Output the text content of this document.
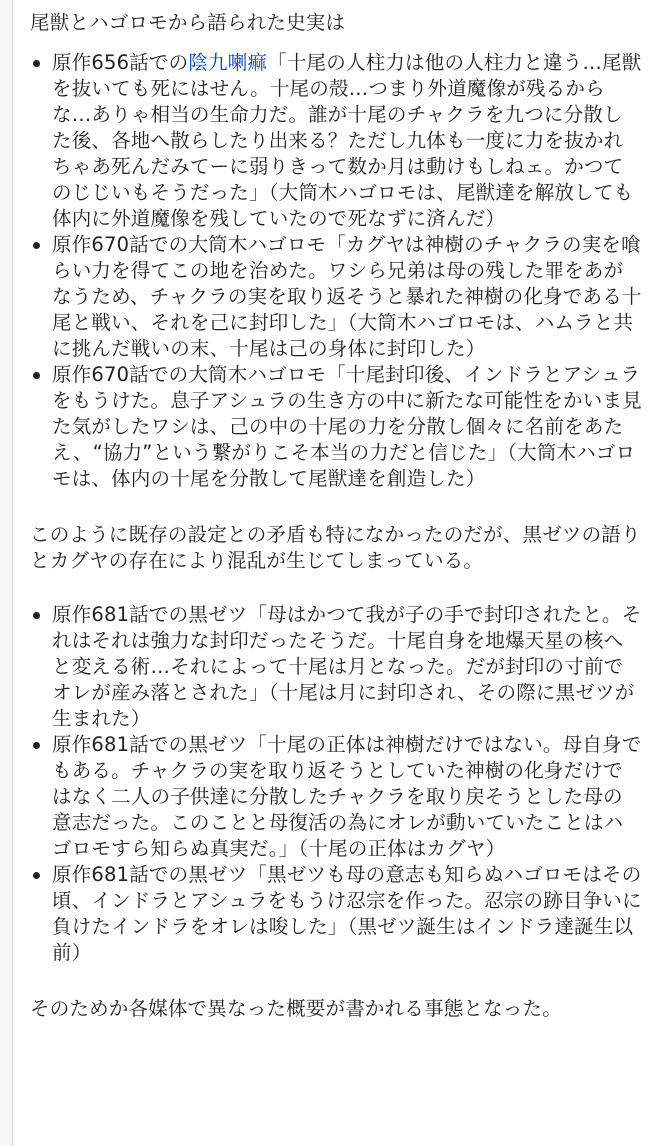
尾獣とハゴロモから語られた史実は

原作656話での陰九喇痲「十尾の人柱力は他の人柱力と違う…尾獣を抜いても死にはせん。十尾の殻…つまり外道魔像が残るからな…ありゃ相当の生命力だ。誰が十尾のチャクラを九つに分散した後、各地へ散らしたり出来る？ただし九体も一度に力を抜かれちゃあ死んだみてーに弱りきって数か月は動けもしねェ。かつてのじじいもそうだった」（大筒木ハゴロモは、尾獣達を解放しても体内に外道魔像を残していたので死なずに済んだ）
原作670話での大筒木ハゴロモ「カグヤは神樹のチャクラの実を喰らい力を得てこの地を治めた。ワシら兄弟は母の残した罪をあがなうため、チャクラの実を取り返そうと暴れた神樹の化身である十尾と戦い、それを己に封印した」（大筒木ハゴロモは、ハムラと共に挑んだ戦いの末、十尾は己の身体に封印した）
原作670話での大筒木ハゴロモ「十尾封印後、インドラとアシュラをもうけた。息子アシュラの生き方の中に新たな可能性をかいま見た気がしたワシは、己の中の十尾の力を分散し個々に名前をあたえ、“協力”という繋がりこそ本当の力だと信じた」（大筒木ハゴロモは、体内の十尾を分散して尾獣達を創造した）

このように既存の設定との矛盾も特になかったのだが、黒ゼツの語りとカグヤの存在により混乱が生じてしまっている。

原作681話での黒ゼツ「母はかつて我が子の手で封印されたと。それはそれは強力な封印だったそうだ。十尾自身を地爆天星の核へと変える術…それによって十尾は月となった。だが封印の寸前でオレが産み落とされた」（十尾は月に封印され、その際に黒ゼツが生まれた）
原作681話での黒ゼツ「十尾の正体は神樹だけではない。母自身でもある。チャクラの実を取り返そうとしていた神樹の化身だけではなく二人の子供達に分散したチャクラを取り戻そうとした母の意志だった。このことと母復活の為にオレが動いていたことはハゴロモすら知らぬ真実だ。」（十尾の正体はカグヤ）
原作681話での黒ゼツ「黒ゼツも母の意志も知らぬハゴロモはその頃、インドラとアシュラをもうけ忍宗を作った。忍宗の跡目争いに負けたインドラをオレは唆した」（黒ゼツ誕生はインドラ達誕生以前）

そのためか各媒体で異なった概要が書かれる事態となった。
